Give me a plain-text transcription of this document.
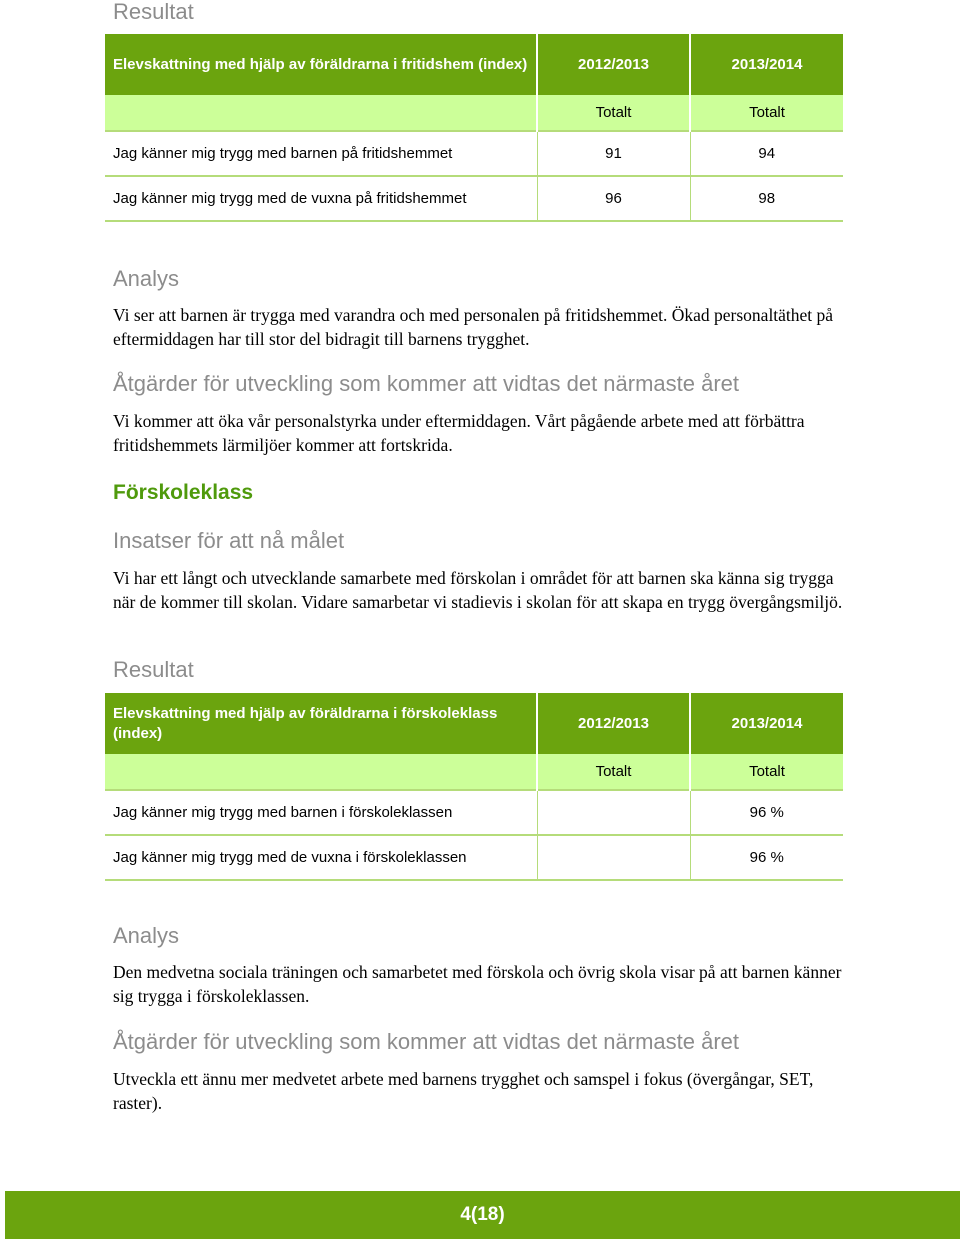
Resultat
Elevskattning med hjälp av föräldrarna i fritidshem (index)	2012/2013	2013/2014
	Totalt	Totalt
Jag känner mig trygg med barnen på fritidshemmet	91	94
Jag känner mig trygg med de vuxna på fritidshemmet	96	98
Analys

Vi ser att barnen är trygga med varandra och med personalen på fritidshemmet. Ökad personaltäthet på eftermiddagen har till stor del bidragit till barnens trygghet.

Åtgärder för utveckling som kommer att vidtas det närmaste året

Vi kommer att öka vår personalstyrka under eftermiddagen. Vårt pågående arbete med att förbättra fritidshemmets lärmiljöer kommer att fortskrida.

Förskoleklass
Insatser för att nå målet

Vi har ett långt och utvecklande samarbete med förskolan i området för att barnen ska känna sig trygga när de kommer till skolan. Vidare samarbetar vi stadievis i skolan för att skapa en trygg övergångsmiljö.

Resultat
Elevskattning med hjälp av föräldrarna i förskoleklass (index)	2012/2013	2013/2014
	Totalt	Totalt
Jag känner mig trygg med barnen i förskoleklassen		96 %
Jag känner mig trygg med de vuxna i förskoleklassen		96 %
Analys

Den medvetna sociala träningen och samarbetet med förskola och övrig skola visar på att barnen känner sig trygga i förskoleklassen.

Åtgärder för utveckling som kommer att vidtas det närmaste året

Utveckla ett ännu mer medvetet arbete med barnens trygghet och samspel i fokus (övergångar, SET, raster).

4(18)
